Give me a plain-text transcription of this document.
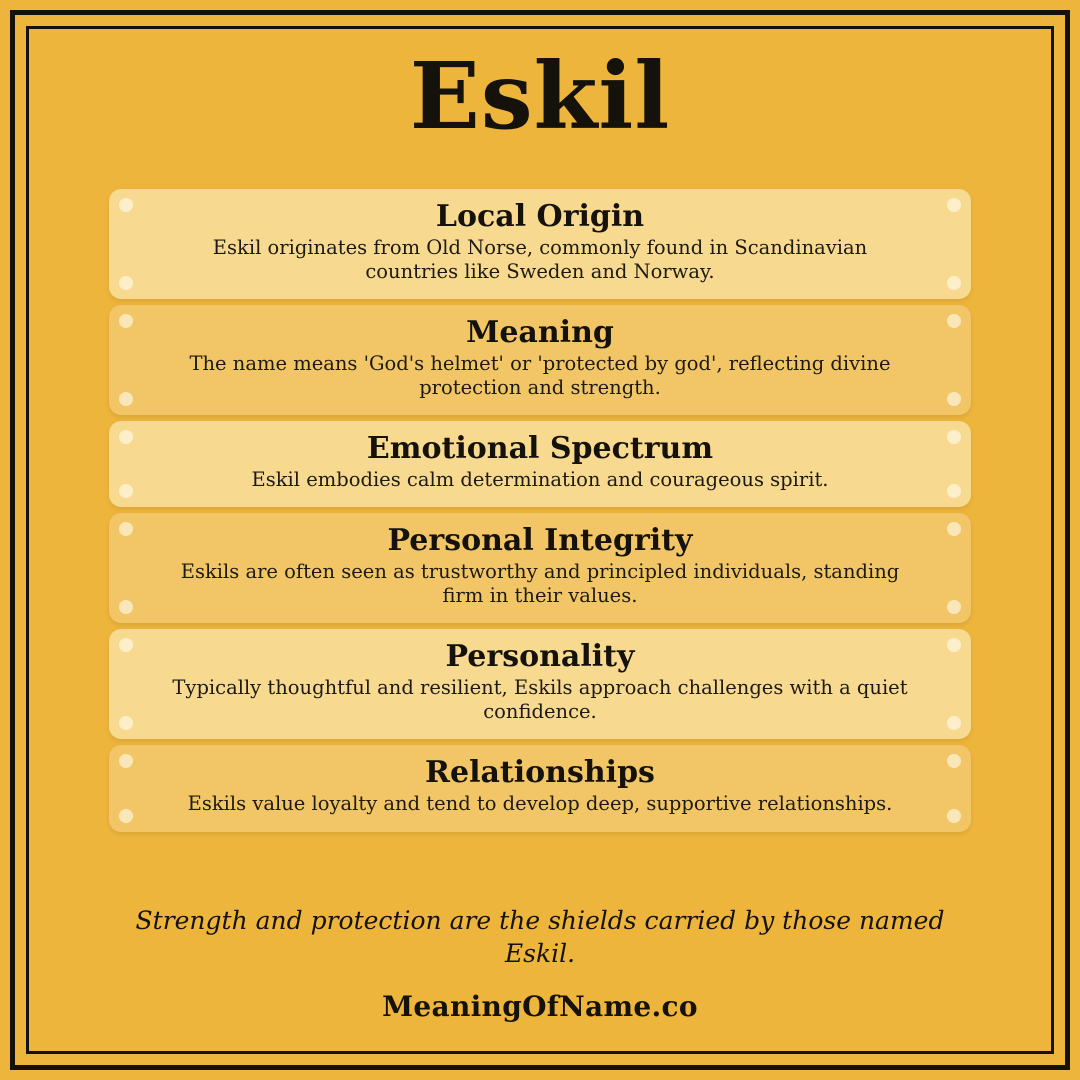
Eskil
Local Origin
Eskil originates from Old Norse, commonly found in Scandinavian countries like Sweden and Norway.
Meaning
The name means 'God's helmet' or 'protected by god', reflecting divine protection and strength.
Emotional Spectrum
Eskil embodies calm determination and courageous spirit.
Personal Integrity
Eskils are often seen as trustworthy and principled individuals, standing firm in their values.
Personality
Typically thoughtful and resilient, Eskils approach challenges with a quiet confidence.
Relationships
Eskils value loyalty and tend to develop deep, supportive relationships.
Strength and protection are the shields carried by those named Eskil.
MeaningOfName.co
